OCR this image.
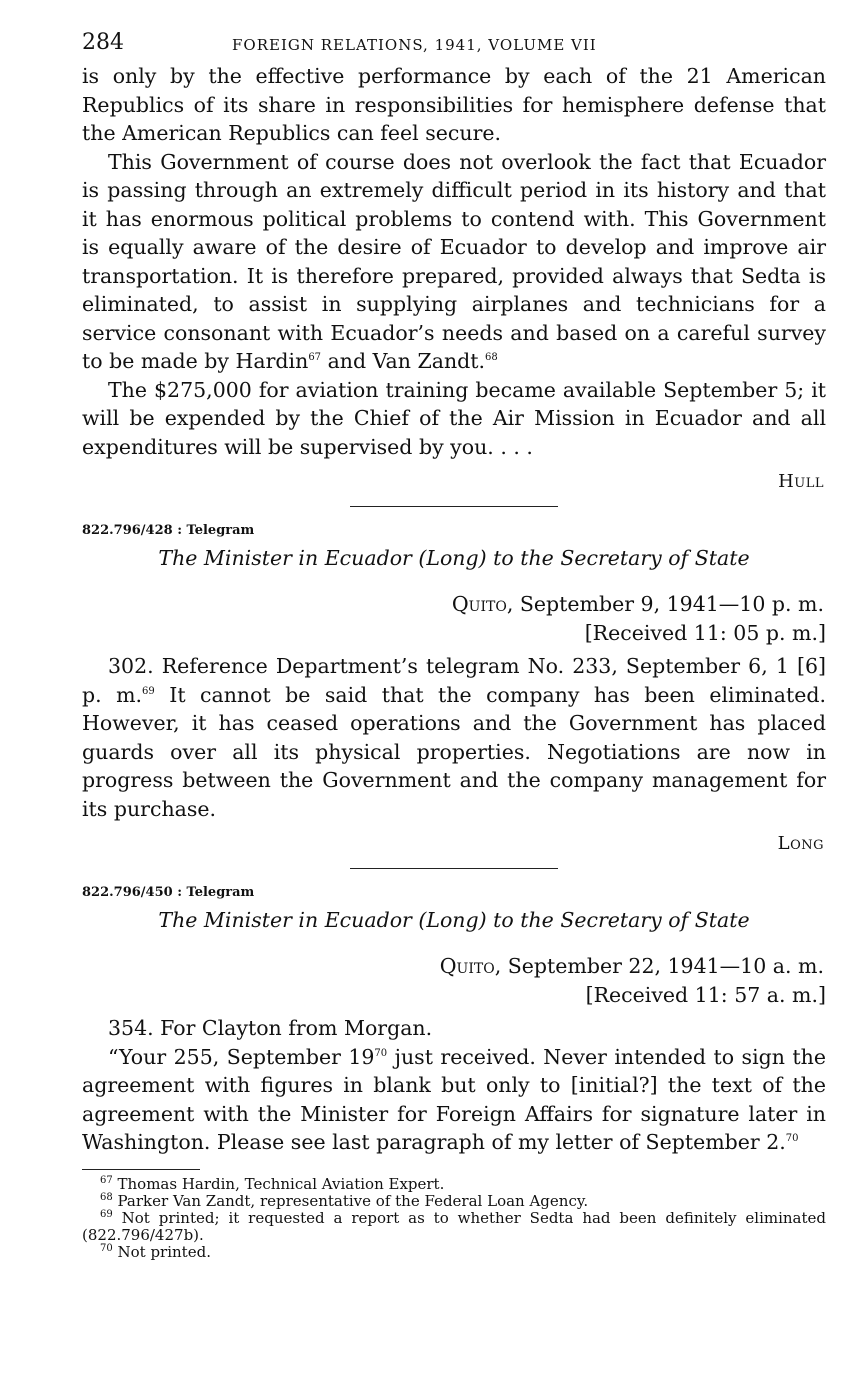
284	FOREIGN RELATIONS, 1941, VOLUME VII

is only by the effective performance by each of the 21 American Republics of its share in responsibilities for hemisphere defense that the American Republics can feel secure.

This Government of course does not overlook the fact that Ecuador is passing through an extremely difficult period in its history and that it has enormous political problems to contend with. This Government is equally aware of the desire of Ecuador to develop and improve air transportation. It is therefore prepared, provided always that Sedta is eliminated, to assist in supplying airplanes and technicians for a service consonant with Ecuador’s needs and based on a careful survey to be made by Hardin$^{67}$ and Van Zandt.$^{68}$

The $275,000 for aviation training became available September 5; it will be expended by the Chief of the Air Mission in Ecuador and all expenditures will be supervised by you. . . .

Hull
822.796/428 : Telegram
The Minister in Ecuador (Long) to the Secretary of State
Quito, September 9, 1941—10 p. m.
[Received 11: 05 p. m.]

302. Reference Department’s telegram No. 233, September 6, 1 [6] p. m.$^{69}$ It cannot be said that the company has been eliminated. However, it has ceased operations and the Government has placed guards over all its physical properties. Negotiations are now in progress between the Government and the company management for its purchase.

Long
822.796/450 : Telegram
The Minister in Ecuador (Long) to the Secretary of State
Quito, September 22, 1941—10 a. m.
[Received 11: 57 a. m.]

354. For Clayton from Morgan.

“Your 255, September $19^{70}$ just received. Never intended to sign the agreement with figures in blank but only to [initial?] the text of the agreement with the Minister for Foreign Affairs for signature later in Washington. Please see last paragraph of my letter of September 2.70

$^{67}$ Thomas Hardin, Technical Aviation Expert.

$^{68}$ Parker Van Zandt, representative of the Federal Loan Agency.

$^{69}$ Not printed; it requested a report as to whether Sedta had been definitely eliminated (822.796/427b).

$^{70}$ Not printed.
